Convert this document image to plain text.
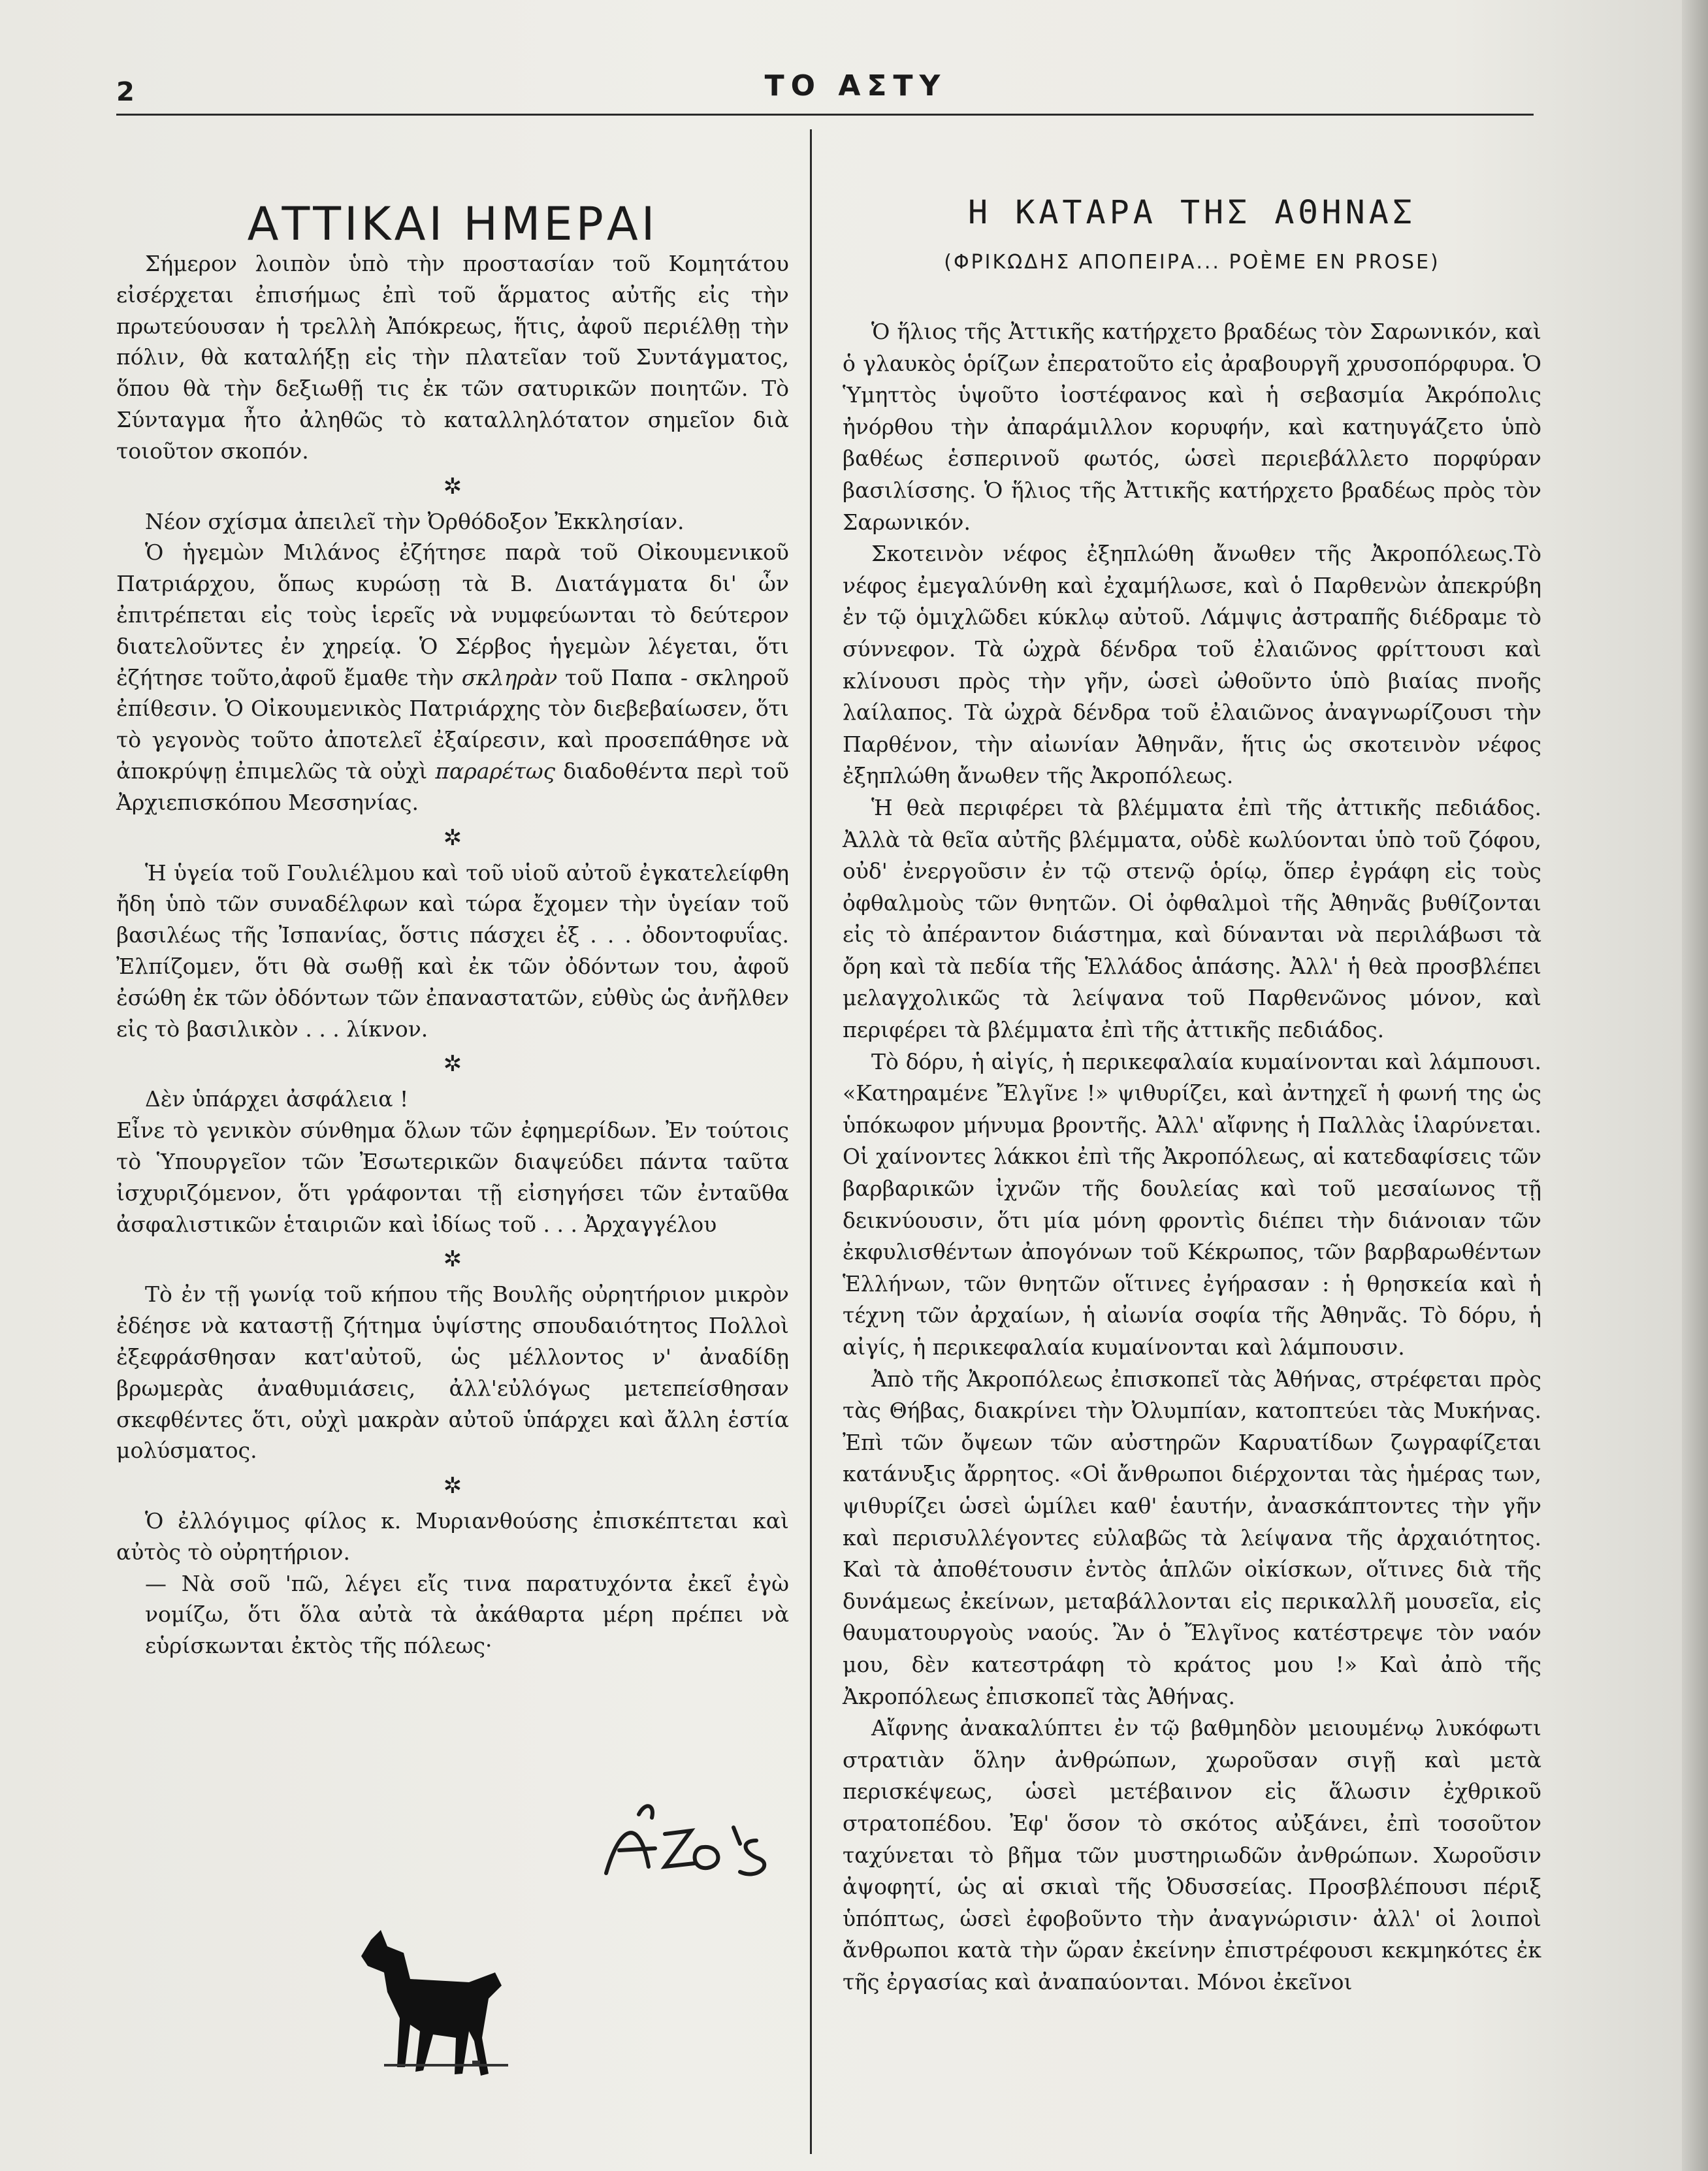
2	ΤΟ ΑΣΤΥ
ΑΤΤΙΚΑΙ ΗΜΕΡΑΙ

Σήμερον λοιπὸν ὑπὸ τὴν προστασίαν τοῦ Κομητάτου εἰσέρχεται ἐπισήμως ἐπὶ τοῦ ἅρματος αὐτῆς εἰς τὴν πρωτεύουσαν ἡ τρελλὴ Ἀπόκρεως, ἥτις, ἀφοῦ περιέλθῃ τὴν πόλιν, θὰ καταλήξῃ εἰς τὴν πλατεῖαν τοῦ Συντάγματος, ὅπου θὰ τὴν δεξιωθῇ τις ἐκ τῶν σατυρικῶν ποιητῶν. Τὸ Σύνταγμα ἦτο ἀληθῶς τὸ καταλληλότατον σημεῖον διὰ τοιοῦτον σκοπόν.

✲

Νέον σχίσμα ἀπειλεῖ τὴν Ὀρθόδοξον Ἐκκλησίαν.

Ὁ ἡγεμὼν Μιλάνος ἐζήτησε παρὰ τοῦ Οἰκουμενικοῦ Πατριάρχου, ὅπως κυρώσῃ τὰ Β. Διατάγματα δι' ὧν ἐπιτρέπεται εἰς τοὺς ἱερεῖς νὰ νυμφεύωνται τὸ δεύτερον διατελοῦντες ἐν χηρείᾳ. Ὁ Σέρβος ἡγεμὼν λέγεται, ὅτι ἐζήτησε τοῦτο,ἀφοῦ ἔμαθε τὴν σκληρὰν τοῦ Παπα - σκληροῦ ἐπίθεσιν. Ὁ Οἰκουμενικὸς Πατριάρχης τὸν διεβεβαίωσεν, ὅτι τὸ γεγονὸς τοῦτο ἀποτελεῖ ἐξαίρεσιν, καὶ προσεπάθησε νὰ ἀποκρύψῃ ἐπιμελῶς τὰ οὐχὶ παρaρέτως διαδοθέντα περὶ τοῦ Ἀρχιεπισκόπου Μεσσηνίας.

✲

Ἡ ὑγεία τοῦ Γουλιέλμου καὶ τοῦ υἱοῦ αὐτοῦ ἐγκατελείφθη ἤδη ὑπὸ τῶν συναδέλφων καὶ τώρα ἔχομεν τὴν ὑγείαν τοῦ βασιλέως τῆς Ἰσπανίας, ὅστις πάσχει ἐξ . . . ὀδοντοφυΐας. Ἐλπίζομεν, ὅτι θὰ σωθῇ καὶ ἐκ τῶν ὀδόντων του, ἀφοῦ ἐσώθη ἐκ τῶν ὀδόντων τῶν ἐπαναστατῶν, εὐθὺς ὡς ἀνῆλθεν εἰς τὸ βασιλικὸν . . . λίκνον.

✲

Δὲν ὑπάρχει ἀσφάλεια !

Εἶνε τὸ γενικὸν σύνθημα ὅλων τῶν ἐφημερίδων. Ἐν τούτοις τὸ Ὑπουργεῖον τῶν Ἐσωτερικῶν διαψεύδει πάντα ταῦτα ἰσχυριζόμενον, ὅτι γράφονται τῇ εἰσηγήσει τῶν ἐνταῦθα ἀσφαλιστικῶν ἑταιριῶν καὶ ἰδίως τοῦ . . . Ἀρχαγγέλου

✲

Τὸ ἐν τῇ γωνίᾳ τοῦ κήπου τῆς Βουλῆς οὐρητήριον μικρὸν ἐδέησε νὰ καταστῇ ζήτημα ὑψίστης σπουδαιότητος Πολλοὶ ἐξεφράσθησαν κατ'αὐτοῦ, ὡς μέλλοντος ν' ἀναδίδῃ βρωμερὰς ἀναθυμιάσεις, ἀλλ'εὐλόγως μετεπείσθησαν σκεφθέντες ὅτι, οὐχὶ μακρὰν αὐτοῦ ὑπάρχει καὶ ἄλλη ἑστία μολύσματος.

✲

Ὁ ἐλλόγιμος φίλος κ. Μυριανθούσης ἐπισκέπτεται καὶ αὐτὸς τὸ οὐρητήριον.

— Νὰ σοῦ 'πῶ, λέγει εἴς τινα παρατυχόντα ἐκεῖ ἐγὼ νομίζω, ὅτι ὅλα αὐτὰ τὰ ἀκάθαρτα μέρη πρέπει νὰ εὑρίσκωνται ἐκτὸς τῆς πόλεως·

Η ΚΑΤΑΡΑ ΤΗΣ ΑΘΗΝΑΣ
(ΦΡΙΚΩΔΗΣ ΑΠΟΠΕΙΡΑ... POÈME EN PROSE)

Ὁ ἥλιος τῆς Ἀττικῆς κατήρχετο βραδέως τὸν Σαρωνικόν, καὶ ὁ γλαυκὸς ὁρίζων ἐπερατοῦτο εἰς ἀραβουργῆ χρυσοπόρφυρα. Ὁ Ὑμηττὸς ὑψοῦτο ἰοστέφανος καὶ ἡ σεβασμία Ἀκρόπολις ἠνόρθου τὴν ἀπαράμιλλον κορυφήν, καὶ κατηυγάζετο ὑπὸ βαθέως ἑσπερινοῦ φωτός, ὡσεὶ περιεβάλλετο πορφύραν βασιλίσσης. Ὁ ἥλιος τῆς Ἀττικῆς κατήρχετο βραδέως πρὸς τὸν Σαρωνικόν.

Σκοτεινὸν νέφος ἐξηπλώθη ἄνωθεν τῆς Ἀκροπόλεως.Τὸ νέφος ἐμεγαλύνθη καὶ ἐχαμήλωσε, καὶ ὁ Παρθενὼν ἀπεκρύβη ἐν τῷ ὁμιχλῶδει κύκλῳ αὐτοῦ. Λάμψις ἀστραπῆς διέδραμε τὸ σύννεφον. Τὰ ὠχρὰ δένδρα τοῦ ἐλαιῶνος φρίττουσι καὶ κλίνουσι πρὸς τὴν γῆν, ὡσεὶ ὠθοῦντο ὑπὸ βιαίας πνοῆς λαίλαπος. Τὰ ὠχρὰ δένδρα τοῦ ἐλαιῶνος ἀναγνωρίζουσι τὴν Παρθένον, τὴν αἰωνίαν Ἀθηνᾶν, ἥτις ὡς σκοτεινὸν νέφος ἐξηπλώθη ἄνωθεν τῆς Ἀκροπόλεως.

Ἡ θεὰ περιφέρει τὰ βλέμματα ἐπὶ τῆς ἀττικῆς πεδιάδος. Ἀλλὰ τὰ θεῖα αὐτῆς βλέμματα, οὐδὲ κωλύονται ὑπὸ τοῦ ζόφου, οὐδ' ἐνεργοῦσιν ἐν τῷ στενῷ ὁρίῳ, ὅπερ ἐγράφη εἰς τοὺς ὀφθαλμοὺς τῶν θνητῶν. Οἱ ὀφθαλμοὶ τῆς Ἀθηνᾶς βυθίζονται εἰς τὸ ἀπέραντον διάστημα, καὶ δύνανται νὰ περιλάβωσι τὰ ὄρη καὶ τὰ πεδία τῆς Ἑλλάδος ἁπάσης. Ἀλλ' ἡ θεὰ προσβλέπει μελαγχολικῶς τὰ λείψανα τοῦ Παρθενῶνος μόνον, καὶ περιφέρει τὰ βλέμματα ἐπὶ τῆς ἀττικῆς πεδιάδος.

Τὸ δόρυ, ἡ αἰγίς, ἡ περικεφαλαία κυμαίνονται καὶ λάμπουσι. «Κατηραμένε Ἔλγῖνε !» ψιθυρίζει, καὶ ἀντηχεῖ ἡ φωνή της ὡς ὑπόκωφον μήνυμα βροντῆς. Ἀλλ' αἴφνης ἡ Παλλὰς ἱλαρύνεται. Οἱ χαίνοντες λάκκοι ἐπὶ τῆς Ἀκροπόλεως, αἱ κατεδαφίσεις τῶν βαρβαρικῶν ἰχνῶν τῆς δουλείας καὶ τοῦ μεσαίωνος τῇ δεικνύουσιν, ὅτι μία μόνη φροντὶς διέπει τὴν διάνοιαν τῶν ἐκφυλισθέντων ἀπογόνων τοῦ Κέκρωπος, τῶν βαρβαρωθέντων Ἑλλήνων, τῶν θνητῶν οἵτινες ἐγήρασαν : ἡ θρησκεία καὶ ἡ τέχνη τῶν ἀρχαίων, ἡ αἰωνία σοφία τῆς Ἀθηνᾶς. Τὸ δόρυ, ἡ αἰγίς, ἡ περικεφαλαία κυμαίνονται καὶ λάμπουσιν.

Ἀπὸ τῆς Ἀκροπόλεως ἐπισκοπεῖ τὰς Ἀθήνας, στρέφεται πρὸς τὰς Θήβας, διακρίνει τὴν Ὀλυμπίαν, κατοπτεύει τὰς Μυκήνας. Ἐπὶ τῶν ὄψεων τῶν αὐστηρῶν Καρυατίδων ζωγραφίζεται κατάνυξις ἄρρητος. «Οἱ ἄνθρωποι διέρχονται τὰς ἡμέρας των, ψιθυρίζει ὡσεὶ ὡμίλει καθ' ἑαυτήν, ἀνασκάπτοντες τὴν γῆν καὶ περισυλλέγοντες εὐλαβῶς τὰ λείψανα τῆς ἀρχαιότητος. Καὶ τὰ ἀποθέτουσιν ἐντὸς ἁπλῶν οἰκίσκων, οἵτινες διὰ τῆς δυνάμεως ἐκείνων, μεταβάλλονται εἰς περικαλλῆ μουσεῖα, εἰς θαυματουργοὺς ναούς. Ἂν ὁ Ἔλγῖνος κατέστρεψε τὸν ναόν μου, δὲν κατεστράφη τὸ κράτος μου !» Καὶ ἀπὸ τῆς Ἀκροπόλεως ἐπισκοπεῖ τὰς Ἀθήνας.

Αἴφνης ἀνακαλύπτει ἐν τῷ βαθμηδὸν μειουμένῳ λυκόφωτι στρατιὰν ὅλην ἀνθρώπων, χωροῦσαν σιγῇ καὶ μετὰ περισκέψεως, ὡσεὶ μετέβαινον εἰς ἅλωσιν ἐχθρικοῦ στρατοπέδου. Ἐφ' ὅσον τὸ σκότος αὐξάνει, ἐπὶ τοσοῦτον ταχύνεται τὸ βῆμα τῶν μυστηριωδῶν ἀνθρώπων. Χωροῦσιν ἀψοφητί, ὡς αἱ σκιαὶ τῆς Ὀδυσσείας. Προσβλέπουσι πέριξ ὑπόπτως, ὡσεὶ ἐφοβοῦντο τὴν ἀναγνώρισιν· ἀλλ' οἱ λοιποὶ ἄνθρωποι κατὰ τὴν ὥραν ἐκείνην ἐπιστρέφουσι κεκμηκότες ἐκ τῆς ἐργασίας καὶ ἀναπαύονται. Μόνοι ἐκεῖνοι
